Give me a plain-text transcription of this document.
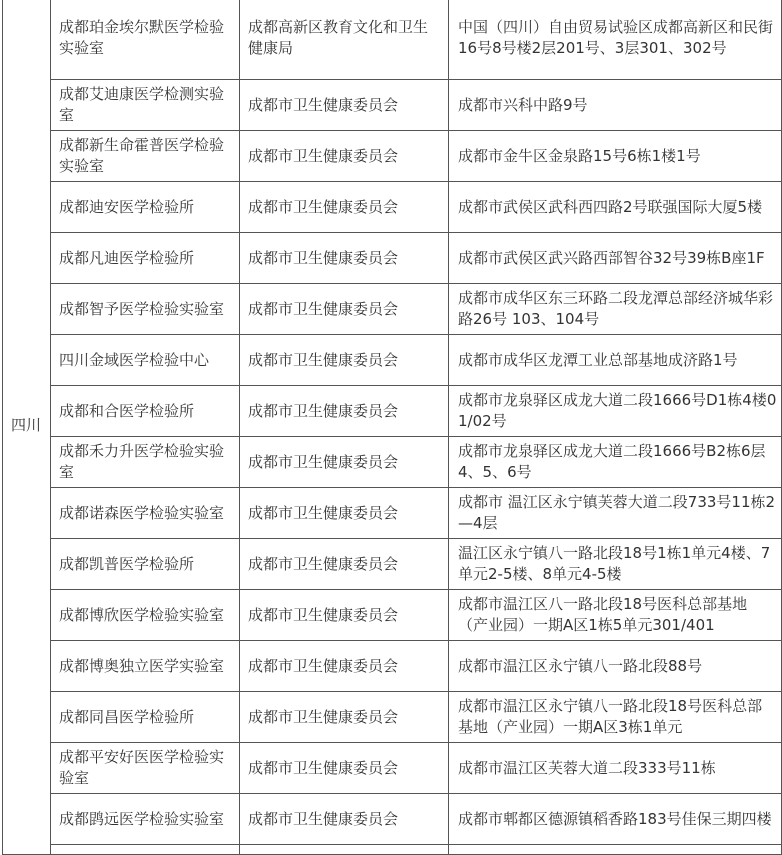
四川	成都珀金埃尔默医学检验实验室	成都高新区教育文化和卫生健康局	中国（四川）自由贸易试验区成都高新区和民街16号8号楼2层201号、3层301、302号
	成都艾迪康医学检测实验室	成都市卫生健康委员会	成都市兴科中路9号
	成都新生命霍普医学检验实验室	成都市卫生健康委员会	成都市金牛区金泉路15号6栋1楼1号
	成都迪安医学检验所	成都市卫生健康委员会	成都市武侯区武科西四路2号联强国际大厦5楼
	成都凡迪医学检验所	成都市卫生健康委员会	成都市武侯区武兴路西部智谷32号39栋B座1F
	成都智予医学检验实验室	成都市卫生健康委员会	成都市成华区东三环路二段龙潭总部经济城华彩路26号 103、104号
	四川金域医学检验中心	成都市卫生健康委员会	成都市成华区龙潭工业总部基地成济路1号
	成都和合医学检验所	成都市卫生健康委员会	成都市龙泉驿区成龙大道二段1666号D1栋4楼01/02号
	成都禾力升医学检验实验室	成都市卫生健康委员会	成都市龙泉驿区成龙大道二段1666号B2栋6层4、5、6号
	成都诺森医学检验实验室	成都市卫生健康委员会	成都市 温江区永宁镇芙蓉大道二段733号11栋2—4层
	成都凯普医学检验所	成都市卫生健康委员会	温江区永宁镇八一路北段18号1栋1单元4楼、7单元2-5楼、8单元4-5楼
	成都博欣医学检验实验室	成都市卫生健康委员会	成都市温江区八一路北段18号医科总部基地（产业园）一期A区1栋5单元301/401
	成都博奥独立医学实验室	成都市卫生健康委员会	成都市温江区永宁镇八一路北段88号
	成都同昌医学检验所	成都市卫生健康委员会	成都市温江区永宁镇八一路北段18号医科总部基地（产业园）一期A区3栋1单元
	成都平安好医医学检验实验室	成都市卫生健康委员会	成都市温江区芙蓉大道二段333号11栋
	成都鹍远医学检验实验室	成都市卫生健康委员会	成都市郫都区德源镇稻香路183号佳保三期四楼
